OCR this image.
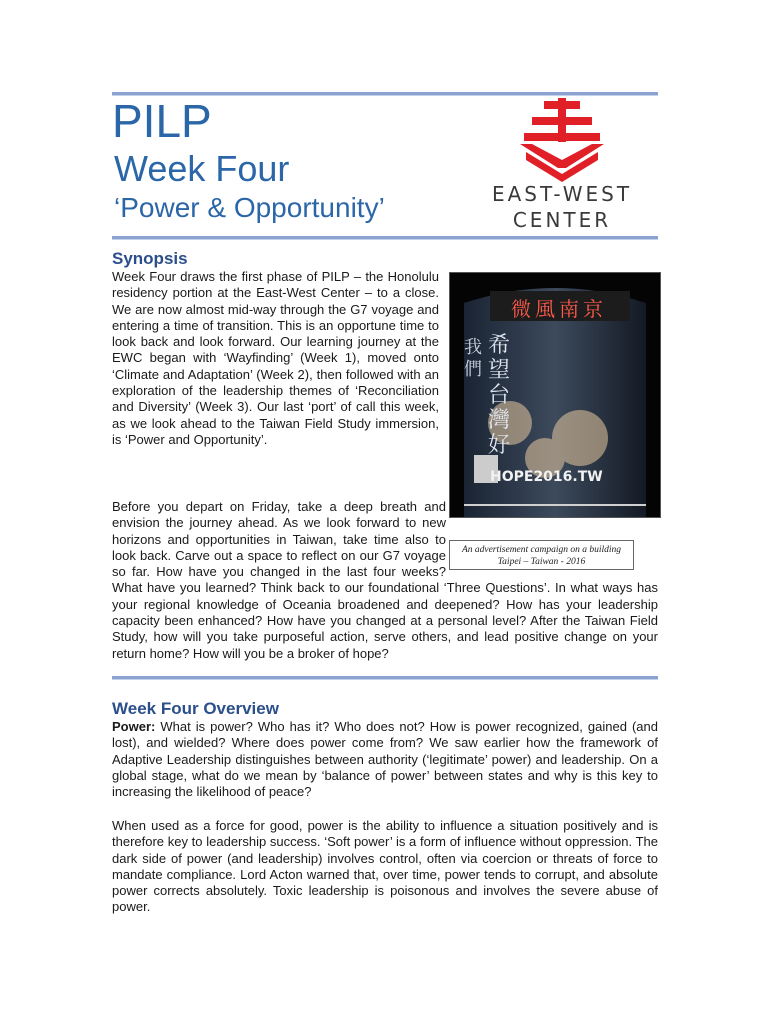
PILP
Week Four
‘Power & Opportunity’	EAST-WEST
CENTER
Synopsis
Week Four draws the first phase of PILP – the Honolulu residency portion at the East-West Center – to a close. We are now almost mid-way through the G7 voyage and entering a time of transition. This is an opportune time to look back and look forward. Our learning journey at the EWC began with ‘Wayfinding’ (Week 1), moved onto ‘Climate and Adaptation’ (Week 2), then followed with an exploration of the leadership themes of ‘Reconciliation and Diversity’ (Week 3). Our last ‘port’ of call this week, as we look ahead to the Taiwan Field Study immersion, is ‘Power and Opportunity’.
微風南京
我們
希望台灣好
HOPE2016.TW
An advertisement campaign on a building
Taipei – Taiwan - 2016
Before you depart on Friday, take a deep breath and envision the journey ahead. As we look forward to new horizons and opportunities in Taiwan, take time also to look back. Carve out a space to reflect on our G7 voyage so far. How have you changed in the last four weeks? What have you learned? Think back to our foundational ‘Three Questions’. In what ways has your regional knowledge of Oceania broadened and deepened? How has your leadership capacity been enhanced? How have you changed at a personal level? After the Taiwan Field Study, how will you take purposeful action, serve others, and lead positive change on your return home? How will you be a broker of hope?
Week Four Overview
Power: What is power? Who has it? Who does not? How is power recognized, gained (and lost), and wielded? Where does power come from? We saw earlier how the framework of Adaptive Leadership distinguishes between authority (‘legitimate’ power) and leadership. On a global stage, what do we mean by ‘balance of power’ between states and why is this key to increasing the likelihood of peace?
When used as a force for good, power is the ability to influence a situation positively and is therefore key to leadership success. ‘Soft power’ is a form of influence without oppression. The dark side of power (and leadership) involves control, often via coercion or threats of force to mandate compliance. Lord Acton warned that, over time, power tends to corrupt, and absolute power corrects absolutely. Toxic leadership is poisonous and involves the severe abuse of power.
